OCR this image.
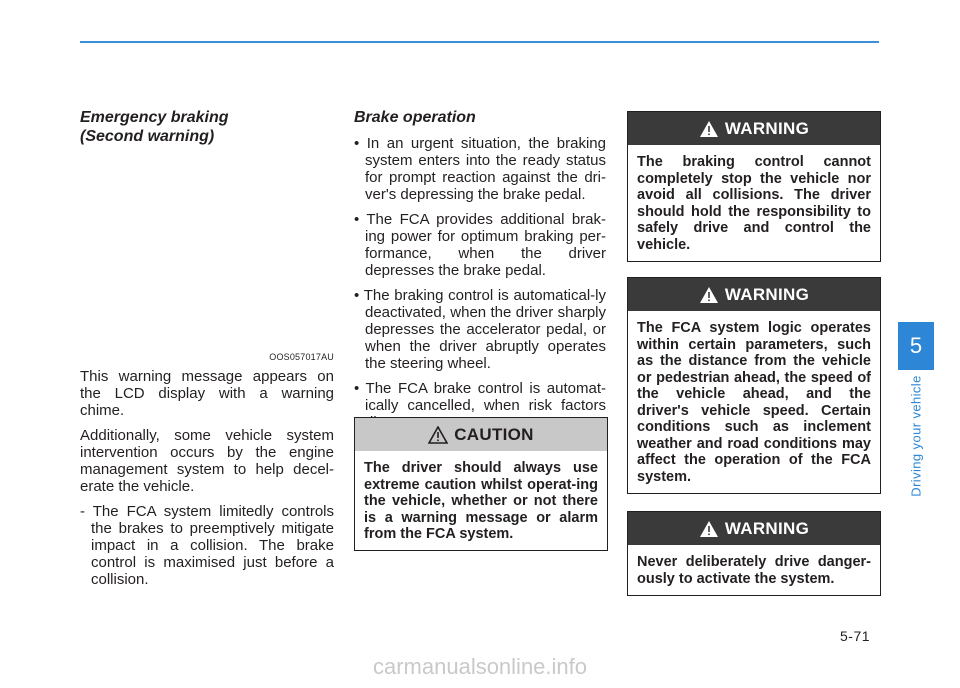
Emergency braking
(Second warning)
OOS057017AU

This warning message appears on the LCD display with a warning chime.

Additionally, some vehicle system intervention occurs by the engine management system to help decel-erate the vehicle.

- The FCA system limitedly controls the brakes to preemptively mitigate impact in a collision. The brake control is maximised just before a collision.

Brake operation
• In an urgent situation, the braking system enters into the ready status for prompt reaction against the dri-ver's depressing the brake pedal.
• The FCA provides additional brak-ing power for optimum braking per-formance, when the driver depresses the brake pedal.
• The braking control is automatical-ly deactivated, when the driver sharply depresses the accelerator pedal, or when the driver abruptly operates the steering wheel.
• The FCA brake control is automat-ically cancelled, when risk factors
CAUTION
The driver should always use extreme caution whilst operat-ing the vehicle, whether or not there is a warning message or alarm from the FCA system.
WARNING
The braking control cannot completely stop the vehicle nor avoid all collisions. The driver should hold the responsibility to safely drive and control the vehicle.
WARNING
The FCA system logic operates within certain parameters, such as the distance from the vehicle or pedestrian ahead, the speed of the vehicle ahead, and the driver's vehicle speed. Certain conditions such as inclement weather and road conditions may affect the operation of the FCA system.
WARNING
Never deliberately drive danger-ously to activate the system.
5
Driving your vehicle
5-71
carmanualsonline.info
